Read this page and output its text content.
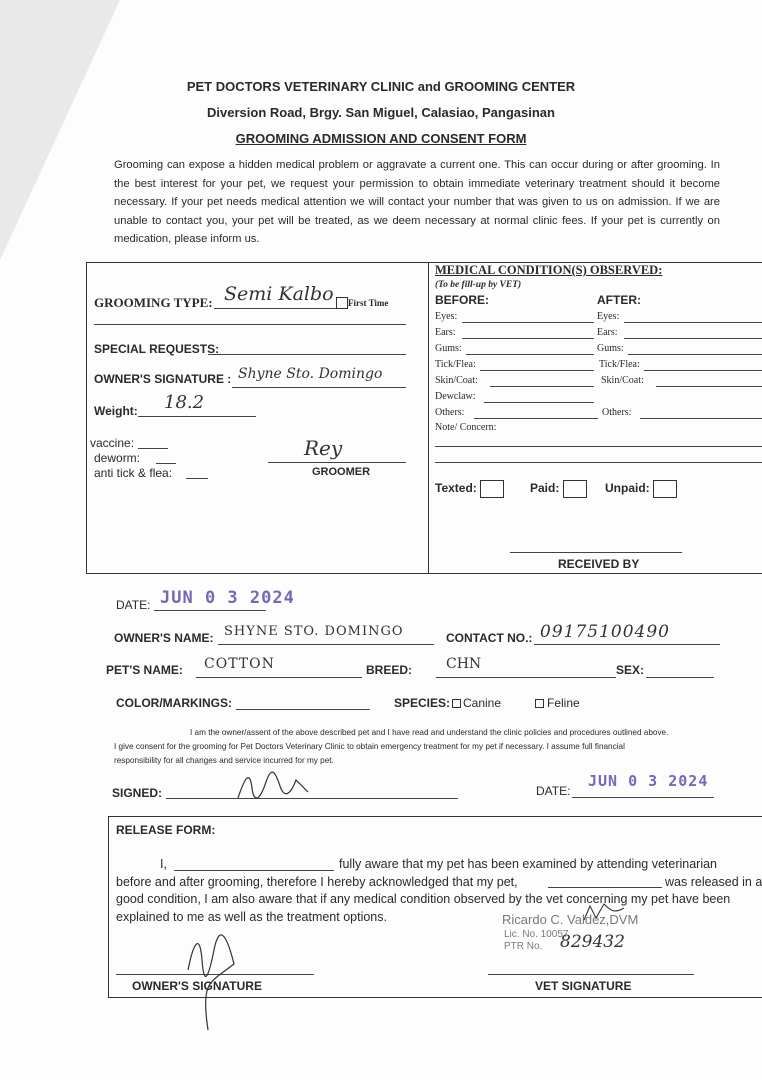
PET DOCTORS VETERINARY CLINIC and GROOMING CENTER
Diversion Road, Brgy. San Miguel, Calasiao, Pangasinan
GROOMING ADMISSION AND CONSENT FORM
Grooming can expose a hidden medical problem or aggravate a current one. This can occur during or after grooming. In the best interest for your pet, we request your permission to obtain immediate veterinary treatment should it become necessary. If your pet needs medical attention we will contact your number that was given to us on admission. If we are unable to contact you, your pet will be treated, as we deem necessary at normal clinic fees. If your pet is currently on medication, please inform us.
GROOMING TYPE: Semi Kalbo First Time
SPECIAL REQUESTS:
OWNER'S SIGNATURE : Shyne Sto. Domingo
Weight: 18.2
vaccine:
deworm:
anti tick & flea:
Rey
GROOMER
MEDICAL CONDITION(S) OBSERVED:
(To be fill-up by VET)
BEFORE:	AFTER:
Eyes:	Eyes:
Ears:	Ears:
Gums:	Gums:
Tick/Flea:	Tick/Flea:
Skin/Coat:	Skin/Coat:
Dewclaw:
Others:	Others:
Note/ Concern:
Texted:	Paid:	Unpaid:
RECEIVED BY
DATE: JUN 0 3 2024
OWNER'S NAME: SHYNE STO. DOMINGO	CONTACT NO.: 09175100490
PET'S NAME: COTTON	BREED: CHN	SEX:
COLOR/MARKINGS:	SPECIES: Canine	Feline
I am the owner/assent of the above described pet and I have read and understand the clinic policies and procedures outlined above.
I give consent for the grooming for Pet Doctors Veterinary Clinic to obtain emergency treatment for my pet if necessary. I assume full financial
responsibility for all changes and service incurred for my pet.
SIGNED:	DATE:
JUN 0 3 2024
RELEASE FORM:
I,	fully aware that my pet has been examined by attending veterinarian
before and after grooming, therefore I hereby acknowledged that my pet,	was released in a
good condition, I am also aware that if any medical condition observed by the vet concerning my pet have been
explained to me as well as the treatment options.	Ricardo C. Valdez,DVM
Lic. No. 10057
PTR No. 829432
OWNER'S SIGNATURE	VET SIGNATURE
